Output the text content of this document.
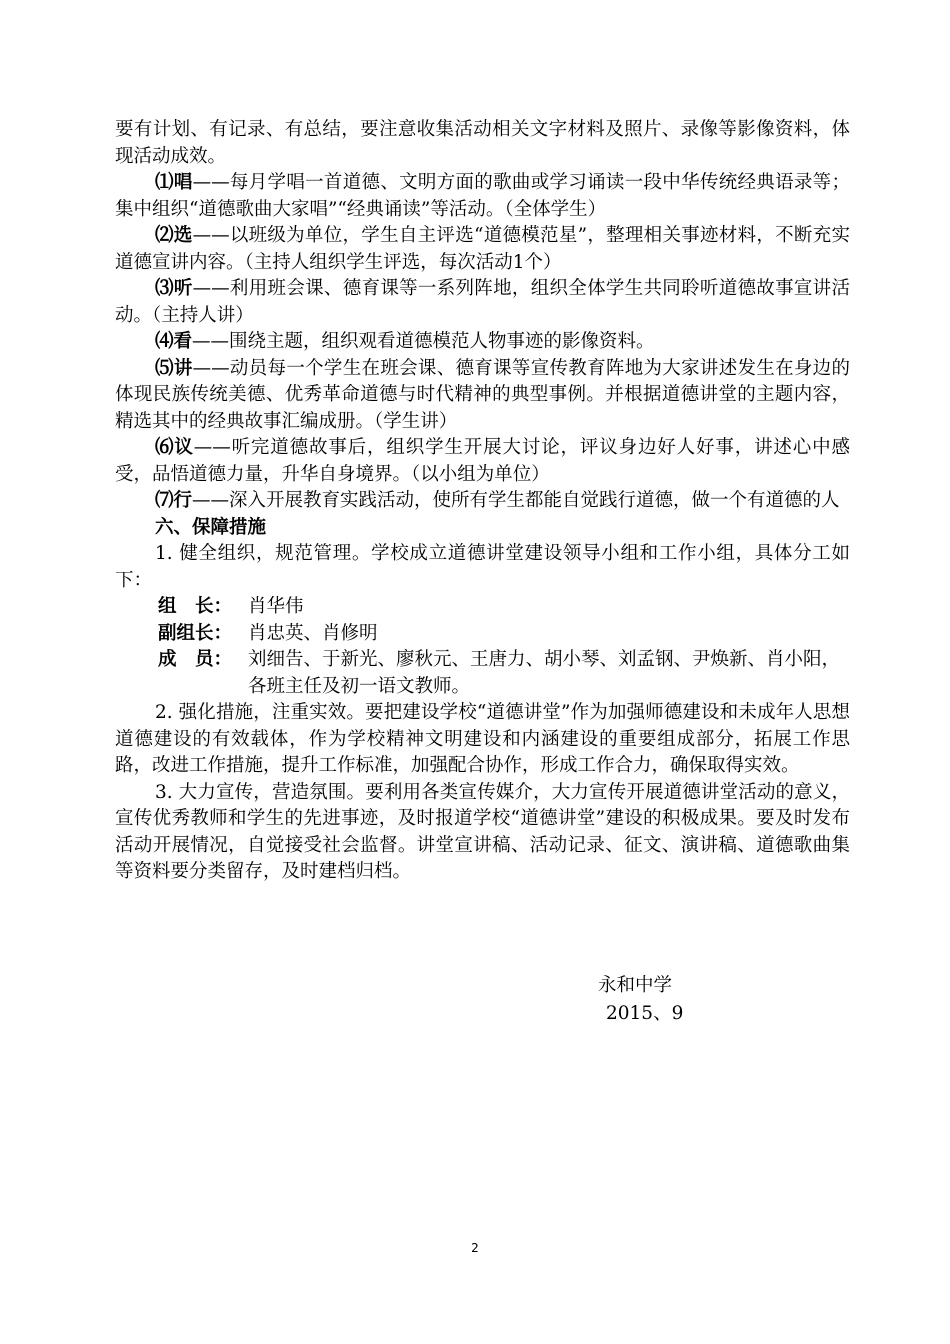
要有计划、有记录、有总结，要注意收集活动相关文字材料及照片、录像等影像资料，体现活动成效。

⑴唱——每月学唱一首道德、文明方面的歌曲或学习诵读一段中华传统经典语录等；集中组织“道德歌曲大家唱”“经典诵读”等活动。（全体学生）

⑵选——以班级为单位，学生自主评选“道德模范星”，整理相关事迹材料，不断充实道德宣讲内容。（主持人组织学生评选，每次活动1个）

⑶听——利用班会课、德育课等一系列阵地，组织全体学生共同聆听道德故事宣讲活动。（主持人讲）

⑷看——围绕主题，组织观看道德模范人物事迹的影像资料。

⑸讲——动员每一个学生在班会课、德育课等宣传教育阵地为大家讲述发生在身边的体现民族传统美德、优秀革命道德与时代精神的典型事例。并根据道德讲堂的主题内容，精选其中的经典故事汇编成册。（学生讲）

⑹议——听完道德故事后，组织学生开展大讨论，评议身边好人好事，讲述心中感受，品悟道德力量，升华自身境界。（以小组为单位）

⑺行——深入开展教育实践活动，使所有学生都能自觉践行道德，做一个有道德的人

六、保障措施

1. 健全组织，规范管理。学校成立道德讲堂建设领导小组和工作小组，具体分工如下：

组　长： 肖华伟
副组长： 肖忠英、肖修明
成　员： 刘细告、于新光、廖秋元、王唐力、胡小琴、刘孟钢、尹焕新、肖小阳，各班主任及初一语文教师。

2. 强化措施，注重实效。要把建设学校“道德讲堂”作为加强师德建设和未成年人思想道德建设的有效载体，作为学校精神文明建设和内涵建设的重要组成部分，拓展工作思路，改进工作措施，提升工作标准，加强配合协作，形成工作合力，确保取得实效。

3. 大力宣传，营造氛围。要利用各类宣传媒介，大力宣传开展道德讲堂活动的意义，宣传优秀教师和学生的先进事迹，及时报道学校“道德讲堂”建设的积极成果。要及时发布活动开展情况，自觉接受社会监督。讲堂宣讲稿、活动记录、征文、演讲稿、道德歌曲集等资料要分类留存，及时建档归档。

永和中学
2015、9
2
